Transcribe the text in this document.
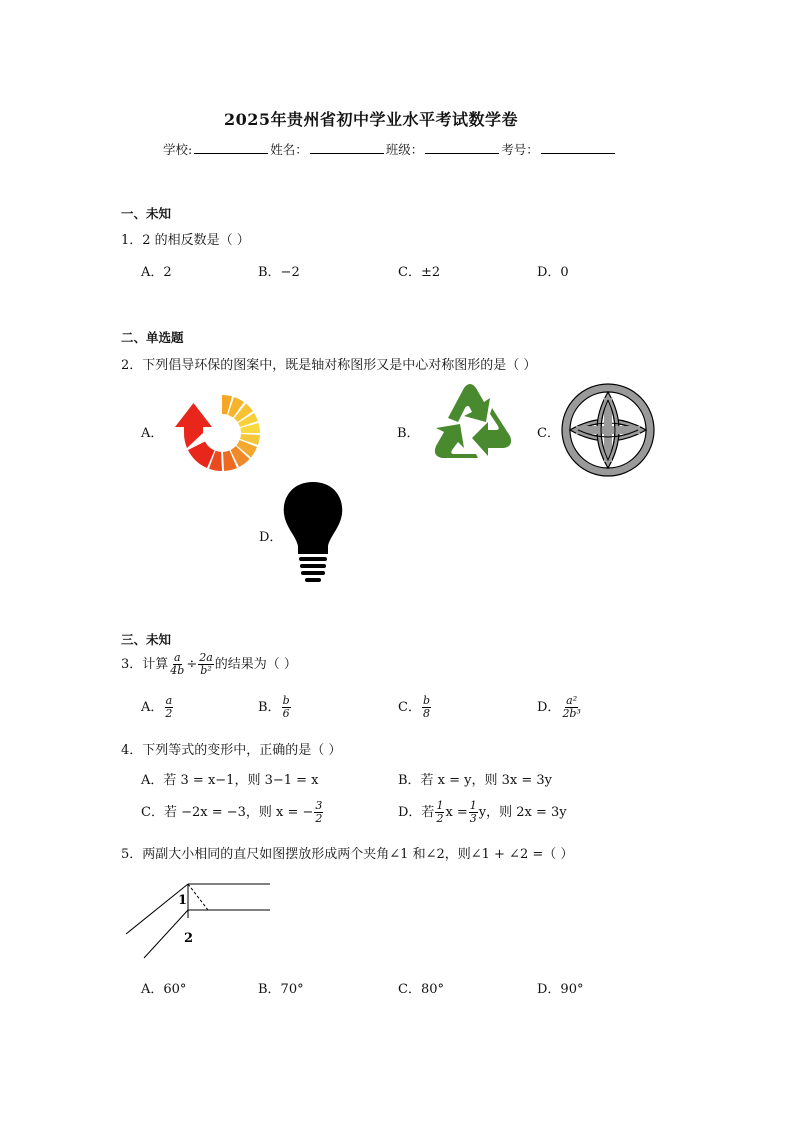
2025年贵州省初中学业水平考试数学卷
学校:	姓名：	班级：	考号：
一、未知
1．2 的相反数是（ ）
A．2	B．−2	C．±2	D．0
二、单选题
2．下列倡导环保的图案中，既是轴对称图形又是中心对称图形的是（ ）
A．	B．	C．
D．
三、未知
3．计算 $\frac{a}{4b} \div \frac{2a}{\text{b²}}$ 的结果为（ ）
A． $\frac{a}{2}$	B． $\frac{b}{6}$	C． $\frac{b}{8}$	D． $\frac{\text{a²}}{\text{2b³}}$
4．下列等式的变形中，正确的是（ ）
A．若 3 = x−1，则 3−1 = x	B．若 x = y，则 3x = 3y
C．若 −2x = −3，则 x = − $\frac{3}{2}$	D．若 $\frac{1}{2}$ $x = \frac{1}{3}$ y，则 2x = 3y
5．两副大小相同的直尺如图摆放形成两个夹角∠1 和∠2，则∠1 + ∠2 =（ ）
1
2
A．60°	B．70°	C．80°	D．90°
